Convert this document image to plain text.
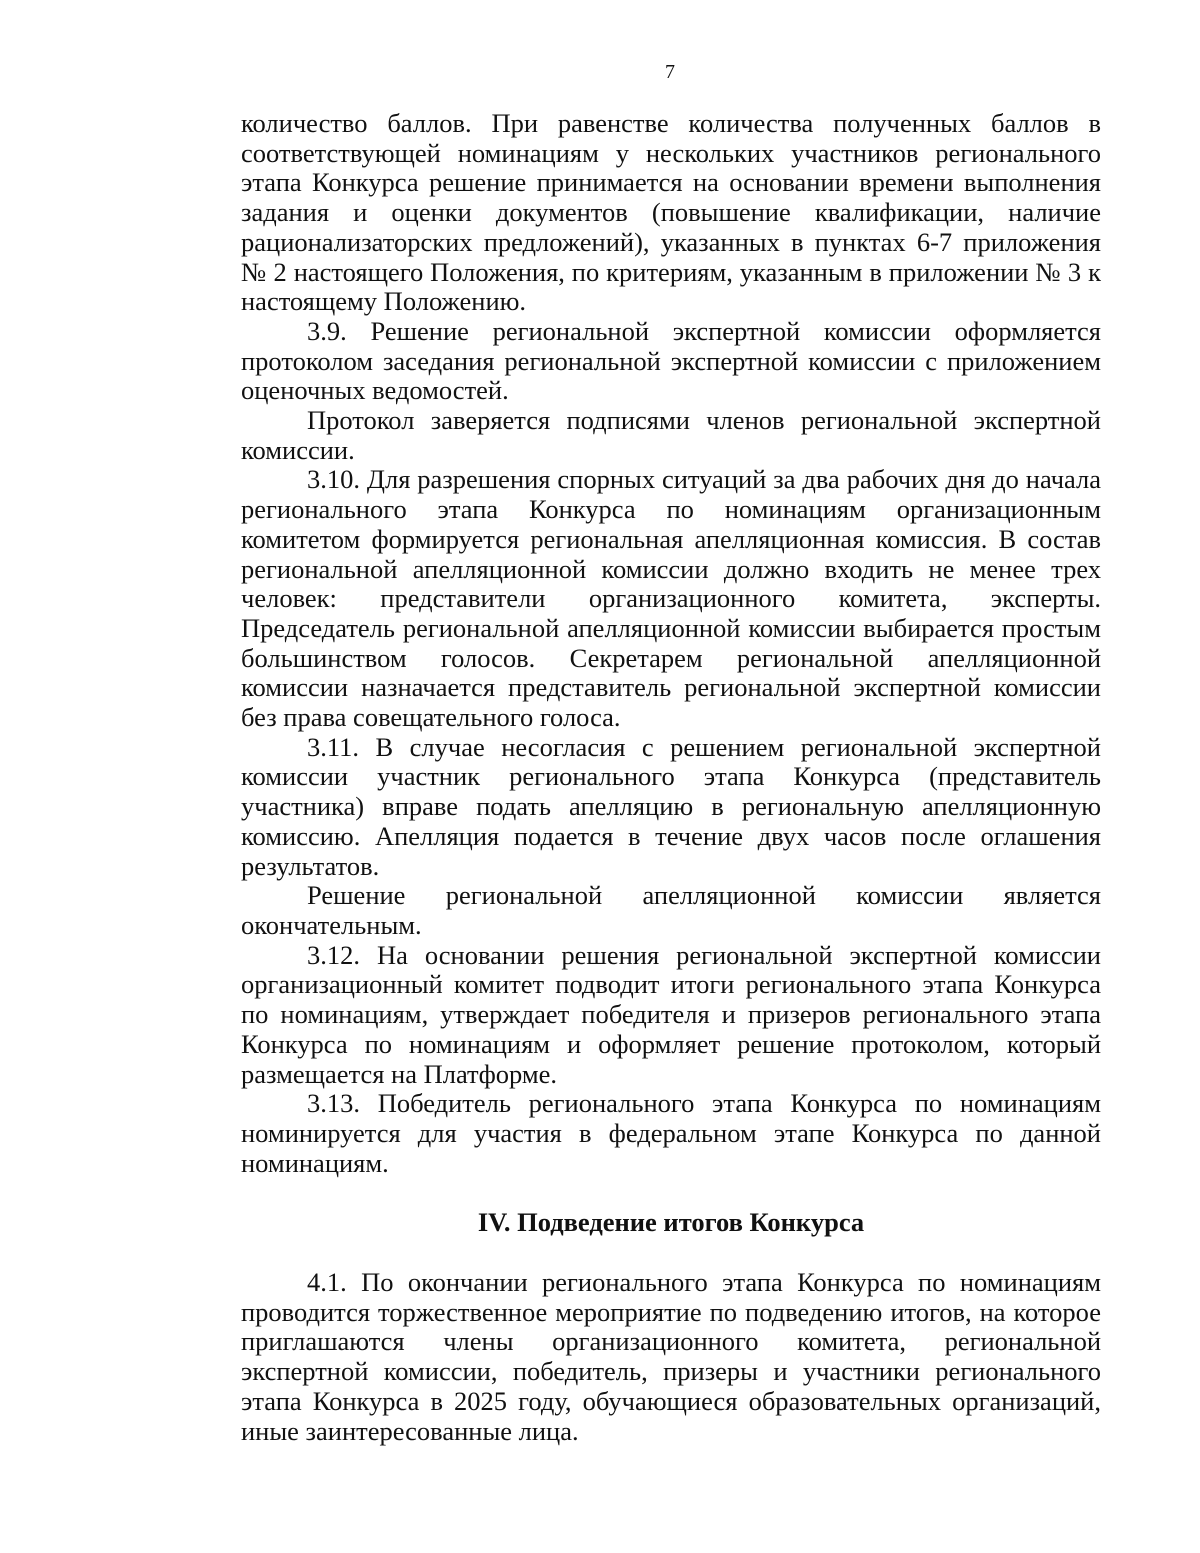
7

количество баллов. При равенстве количества полученных баллов в соответствующей номинациям у нескольких участников регионального этапа Конкурса решение принимается на основании времени выполнения задания и оценки документов (повышение квалификации, наличие рационализаторских предложений), указанных в пунктах 6-7 приложения № 2 настоящего Положения, по критериям, указанным в приложении № 3 к настоящему Положению.

3.9. Решение региональной экспертной комиссии оформляется протоколом заседания региональной экспертной комиссии с приложением оценочных ведомостей.

Протокол заверяется подписями членов региональной экспертной комиссии.

3.10. Для разрешения спорных ситуаций за два рабочих дня до начала регионального этапа Конкурса по номинациям организационным комитетом формируется региональная апелляционная комиссия. В состав региональной апелляционной комиссии должно входить не менее трех человек: представители организационного комитета, эксперты. Председатель региональной апелляционной комиссии выбирается простым большинством голосов. Секретарем региональной апелляционной комиссии назначается представитель региональной экспертной комиссии без права совещательного голоса.

3.11. В случае несогласия с решением региональной экспертной комиссии участник регионального этапа Конкурса (представитель участника) вправе подать апелляцию в региональную апелляционную комиссию. Апелляция подается в течение двух часов после оглашения результатов.

Решение региональной апелляционной комиссии является окончательным.

3.12. На основании решения региональной экспертной комиссии организационный комитет подводит итоги регионального этапа Конкурса по номинациям, утверждает победителя и призеров регионального этапа Конкурса по номинациям и оформляет решение протоколом, который размещается на Платформе.

3.13. Победитель регионального этапа Конкурса по номинациям номинируется для участия в федеральном этапе Конкурса по данной номинациям.

IV. Подведение итогов Конкурса

4.1. По окончании регионального этапа Конкурса по номинациям проводится торжественное мероприятие по подведению итогов, на которое приглашаются члены организационного комитета, региональной экспертной комиссии, победитель, призеры и участники регионального этапа Конкурса в 2025 году, обучающиеся образовательных организаций, иные заинтересованные лица.
